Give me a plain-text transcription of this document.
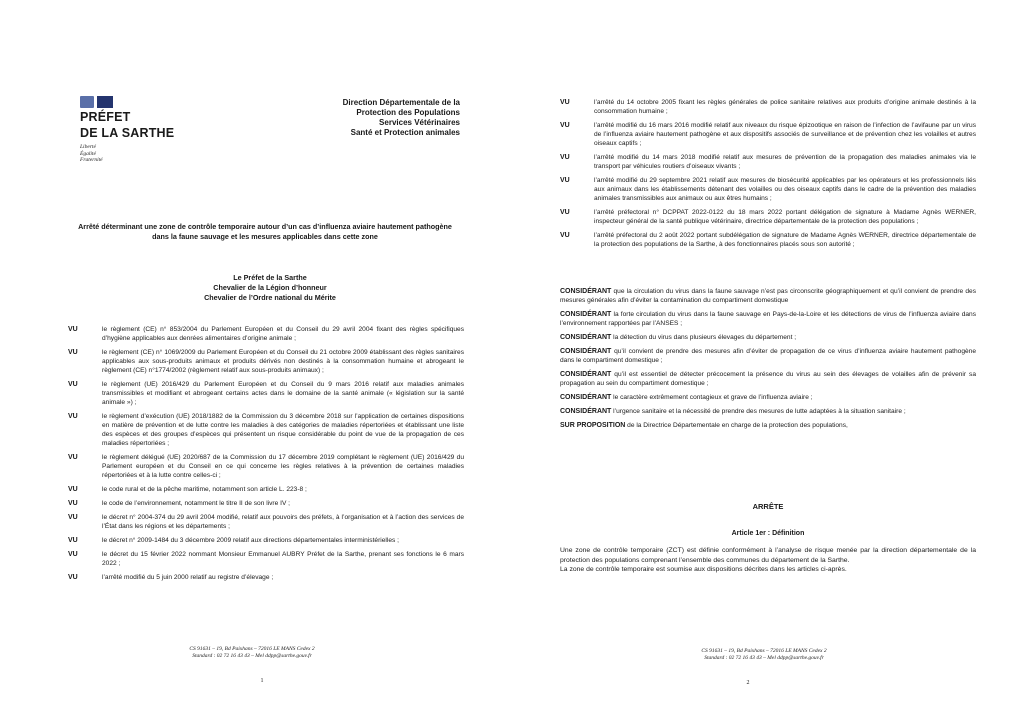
PRÉFET
DE LA SARTHE
Liberté
Égalité
Fraternité
Direction Départementale de la
Protection des Populations
Services Vétérinaires
Santé et Protection animales
Arrêté déterminant une zone de contrôle temporaire autour d’un cas d’influenza aviaire hautement pathogène dans la faune sauvage et les mesures applicables dans cette zone
Le Préfet de la Sarthe
Chevalier de la Légion d’honneur
Chevalier de l’Ordre national du Mérite
VU	le règlement (CE) n° 853/2004 du Parlement Européen et du Conseil du 29 avril 2004 fixant des règles spécifiques d’hygiène applicables aux denrées alimentaires d’origine animale ;
VU	le règlement (CE) n° 1069/2009 du Parlement Européen et du Conseil du 21 octobre 2009 établissant des règles sanitaires applicables aux sous-produits animaux et produits dérivés non destinés à la consommation humaine et abrogeant le règlement (CE) n°1774/2002 (règlement relatif aux sous-produits animaux) ;
VU	le règlement (UE) 2016/429 du Parlement Européen et du Conseil du 9 mars 2016 relatif aux maladies animales transmissibles et modifiant et abrogeant certains actes dans le domaine de la santé animale (« législation sur la santé animale ») ;
VU	le règlement d’exécution (UE) 2018/1882 de la Commission du 3 décembre 2018 sur l’application de certaines dispositions en matière de prévention et de lutte contre les maladies à des catégories de maladies répertoriées et établissant une liste des espèces et des groupes d’espèces qui présentent un risque considérable du point de vue de la propagation de ces maladies répertoriées ;
VU	le règlement délégué (UE) 2020/687 de la Commission du 17 décembre 2019 complétant le règlement (UE) 2016/429 du Parlement européen et du Conseil en ce qui concerne les règles relatives à la prévention de certaines maladies répertoriées et à la lutte contre celles-ci ;
VU	le code rural et de la pêche maritime, notamment son article L. 223-8 ;
VU	le code de l’environnement, notamment le titre II de son livre IV ;
VU	le décret n° 2004-374 du 29 avril 2004 modifié, relatif aux pouvoirs des préfets, à l’organisation et à l’action des services de l’État dans les régions et les départements ;
VU	le décret n° 2009-1484 du 3 décembre 2009 relatif aux directions départementales interministérielles ;
VU	le décret du 15 février 2022 nommant Monsieur Emmanuel AUBRY Préfet de la Sarthe, prenant ses fonctions le 6 mars 2022 ;
VU	l’arrêté modifié du 5 juin 2000 relatif au registre d’élevage ;
CS 91631 – 19, Bd Paixhans – 72016 LE MANS Cedex 2
Standard : 02 72 16 43 43 – Mel ddpp@sarthe.gouv.fr
1
VU	l’arrêté du 14 octobre 2005 fixant les règles générales de police sanitaire relatives aux produits d’origine animale destinés à la consommation humaine ;
VU	l’arrêté modifié du 16 mars 2016 modifié relatif aux niveaux du risque épizootique en raison de l’infection de l’avifaune par un virus de l’influenza aviaire hautement pathogène et aux dispositifs associés de surveillance et de prévention chez les volailles et autres oiseaux captifs ;
VU	l’arrêté modifié du 14 mars 2018 modifié relatif aux mesures de prévention de la propagation des maladies animales via le transport par véhicules routiers d’oiseaux vivants ;
VU	l’arrêté modifié du 29 septembre 2021 relatif aux mesures de biosécurité applicables par les opérateurs et les professionnels liés aux animaux dans les établissements détenant des volailles ou des oiseaux captifs dans le cadre de la prévention des maladies animales transmissibles aux animaux ou aux êtres humains ;
VU	l’arrêté préfectoral n° DCPPAT 2022-0122 du 18 mars 2022 portant délégation de signature à Madame Agnès WERNER, inspecteur général de la santé publique vétérinaire, directrice départementale de la protection des populations ;
VU	l’arrêté préfectoral du 2 août 2022 portant subdélégation de signature de Madame Agnès WERNER, directrice départementale de la protection des populations de la Sarthe, à des fonctionnaires placés sous son autorité ;
CONSIDÉRANT que la circulation du virus dans la faune sauvage n’est pas circonscrite géographiquement et qu’il convient de prendre des mesures générales afin d’éviter la contamination du compartiment domestique
CONSIDÉRANT la forte circulation du virus dans la faune sauvage en Pays-de-la-Loire et les détections de virus de l’influenza aviaire dans l’environnement rapportées par l’ANSES ;
CONSIDÉRANT la détection du virus dans plusieurs élevages du département ;
CONSIDÉRANT qu’il convient de prendre des mesures afin d’éviter de propagation de ce virus d’influenza aviaire hautement pathogène dans le compartiment domestique ;
CONSIDÉRANT qu’il est essentiel de détecter précocement la présence du virus au sein des élevages de volailles afin de prévenir sa propagation au sein du compartiment domestique ;
CONSIDÉRANT le caractère extrêmement contagieux et grave de l’influenza aviaire ;
CONSIDÉRANT l’urgence sanitaire et la nécessité de prendre des mesures de lutte adaptées à la situation sanitaire ;
SUR PROPOSITION de la Directrice Départementale en charge de la protection des populations,
ARRÊTE
Article 1er : Définition
Une zone de contrôle temporaire (ZCT) est définie conformément à l’analyse de risque menée par la direction départementale de la protection des populations comprenant l’ensemble des communes du département de la Sarthe.
La zone de contrôle temporaire est soumise aux dispositions décrites dans les articles ci-après.
CS 91631 – 19, Bd Paixhans – 72016 LE MANS Cedex 2
Standard : 02 72 16 43 43 – Mel ddpp@sarthe.gouv.fr
2
